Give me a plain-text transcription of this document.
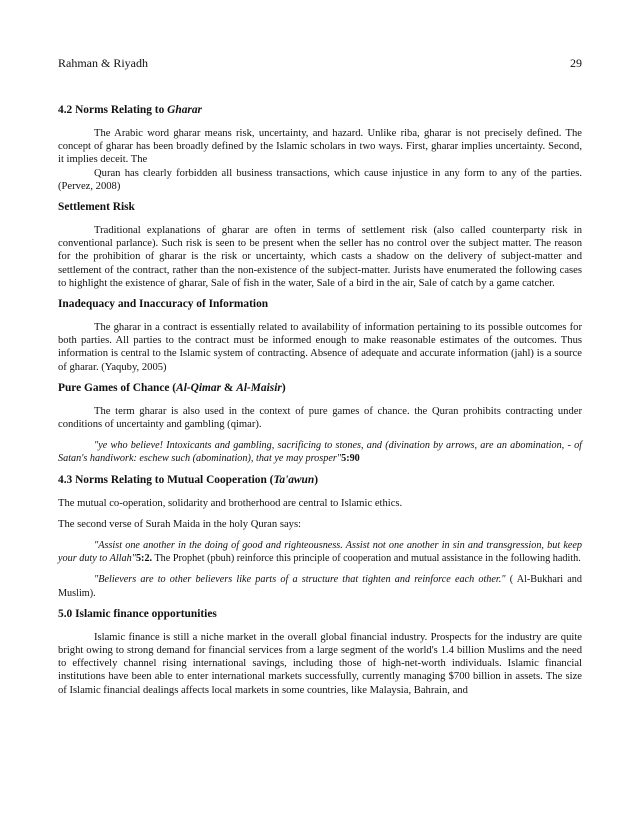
Rahman & Riyadh	29
4.2 Norms Relating to Gharar

The Arabic word gharar means risk, uncertainty, and hazard. Unlike riba, gharar is not precisely defined. The concept of gharar has been broadly defined by the Islamic scholars in two ways. First, gharar implies uncertainty. Second, it implies deceit. The

Quran has clearly forbidden all business transactions, which cause injustice in any form to any of the parties. (Pervez, 2008)

Settlement Risk

Traditional explanations of gharar are often in terms of settlement risk (also called counterparty risk in conventional parlance). Such risk is seen to be present when the seller has no control over the subject matter. The reason for the prohibition of gharar is the risk or uncertainty, which casts a shadow on the delivery of subject-matter and settlement of the contract, rather than the non-existence of the subject-matter. Jurists have enumerated the following cases to highlight the existence of gharar, Sale of fish in the water, Sale of a bird in the air, Sale of catch by a game catcher.

Inadequacy and Inaccuracy of Information

The gharar in a contract is essentially related to availability of information pertaining to its possible outcomes for both parties. All parties to the contract must be informed enough to make reasonable estimates of the outcomes. Thus information is central to the Islamic system of contracting. Absence of adequate and accurate information (jahl) is a source of gharar. (Yaquby, 2005)

Pure Games of Chance (Al-Qimar & Al-Maisir)

The term gharar is also used in the context of pure games of chance. the Quran prohibits contracting under conditions of uncertainty and gambling (qimar).

"ye who believe! Intoxicants and gambling, sacrificing to stones, and (divination by arrows, are an abomination, - of Satan's handiwork: eschew such (abomination), that ye may prosper"5:90
4.3 Norms Relating to Mutual Cooperation (Ta'awun)

The mutual co-operation, solidarity and brotherhood are central to Islamic ethics.

The second verse of Surah Maida in the holy Quran says:

"Assist one another in the doing of good and righteousness. Assist not one another in sin and transgression, but keep your duty to Allah"5:2. The Prophet (pbuh) reinforce this principle of cooperation and mutual assistance in the following hadith.
"Believers are to other believers like parts of a structure that tighten and reinforce each other." ( Al-Bukhari and Muslim).
5.0 Islamic finance opportunities

Islamic finance is still a niche market in the overall global financial industry. Prospects for the industry are quite bright owing to strong demand for financial services from a large segment of the world's 1.4 billion Muslims and the need to effectively channel rising international savings, including those of high-net-worth individuals. Islamic financial institutions have been able to enter international markets successfully, currently managing $700 billion in assets. The size of Islamic financial dealings affects local markets in some countries, like Malaysia, Bahrain, and
